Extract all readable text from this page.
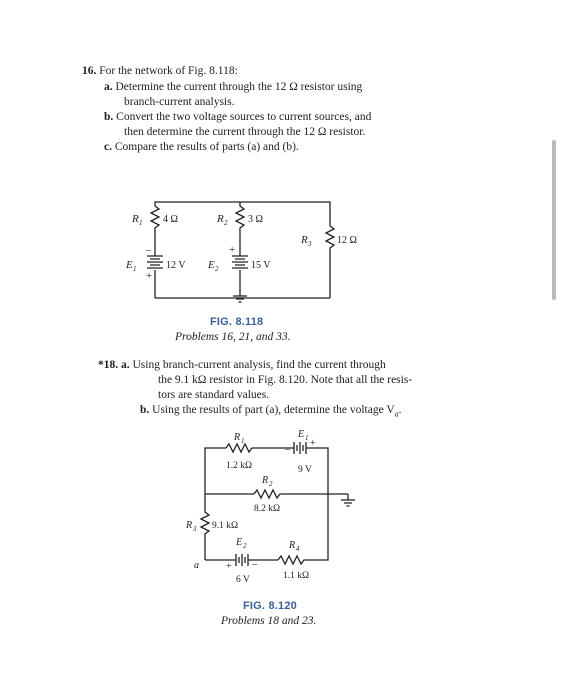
16. For the network of Fig. 8.118:
a. Determine the current through the 12 Ω resistor using
branch-current analysis.
b. Convert the two voltage sources to current sources, and
then determine the current through the 12 Ω resistor.
c. Compare the results of parts (a) and (b).
R 1 4 Ω	R 2 3 Ω
R 3	12 Ω
E 1	12 V
–
+
E 2	15 V
+
FIG. 8.118
Problems 16, 21, and 33.
*18. a. Using branch-current analysis, find the current through
the 9.1 kΩ resistor in Fig. 8.120. Note that all the resis-
tors are standard values.
b. Using the results of part (a), determine the voltage $V_a$.
R 1
1.2 kΩ
E 1
–
+
9 V
R 2
8.2 kΩ
R 3 9.1 kΩ
E 2
+ –
6 V
R 4
1.1 kΩ
a
FIG. 8.120
Problems 18 and 23.
